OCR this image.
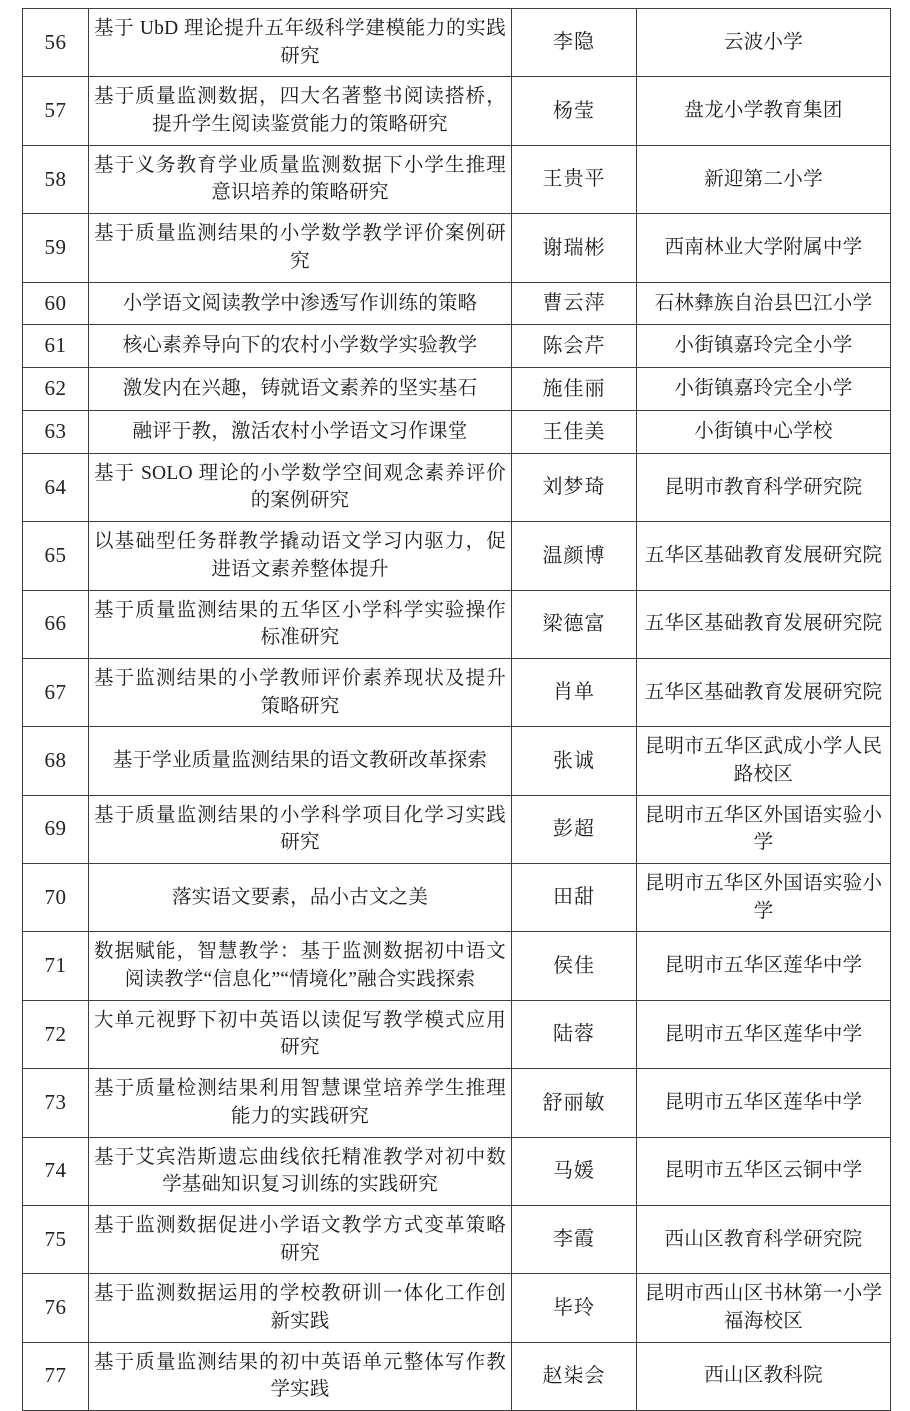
56	基于 UbD 理论提升五年级科学建模能力的实践研究	李隐	云波小学

57	基于质量监测数据，四大名著整书阅读搭桥，提升学生阅读鉴赏能力的策略研究	杨莹	盘龙小学教育集团

58	基于义务教育学业质量监测数据下小学生推理意识培养的策略研究	王贵平	新迎第二小学

59	基于质量监测结果的小学数学教学评价案例研究	谢瑞彬	西南林业大学附属中学

60	小学语文阅读教学中渗透写作训练的策略	曹云萍	石林彝族自治县巴江小学

61	核心素养导向下的农村小学数学实验教学	陈会芹	小街镇嘉玲完全小学

62	激发内在兴趣，铸就语文素养的坚实基石	施佳丽	小街镇嘉玲完全小学

63	融评于教，激活农村小学语文习作课堂	王佳美	小街镇中心学校

64	基于 SOLO 理论的小学数学空间观念素养评价的案例研究	刘梦琦	昆明市教育科学研究院

65	以基础型任务群教学撬动语文学习内驱力，促进语文素养整体提升	温颜博	五华区基础教育发展研究院

66	基于质量监测结果的五华区小学科学实验操作标准研究	梁德富	五华区基础教育发展研究院

67	基于监测结果的小学教师评价素养现状及提升策略研究	肖单	五华区基础教育发展研究院

68	基于学业质量监测结果的语文教研改革探索	张诚	昆明市五华区武成小学人民路校区

69	基于质量监测结果的小学科学项目化学习实践研究	彭超	昆明市五华区外国语实验小学

70	落实语文要素，品小古文之美	田甜	昆明市五华区外国语实验小学

71	数据赋能，智慧教学：基于监测数据初中语文阅读教学“信息化”“情境化”融合实践探索	侯佳	昆明市五华区莲华中学

72	大单元视野下初中英语以读促写教学模式应用研究	陆蓉	昆明市五华区莲华中学

73	基于质量检测结果利用智慧课堂培养学生推理能力的实践研究	舒丽敏	昆明市五华区莲华中学

74	基于艾宾浩斯遗忘曲线依托精准教学对初中数学基础知识复习训练的实践研究	马媛	昆明市五华区云铜中学

75	基于监测数据促进小学语文教学方式变革策略研究	李霞	西山区教育科学研究院

76	基于监测数据运用的学校教研训一体化工作创新实践	毕玲	昆明市西山区书林第一小学福海校区

77	基于质量监测结果的初中英语单元整体写作教学实践	赵柒会	西山区教科院
